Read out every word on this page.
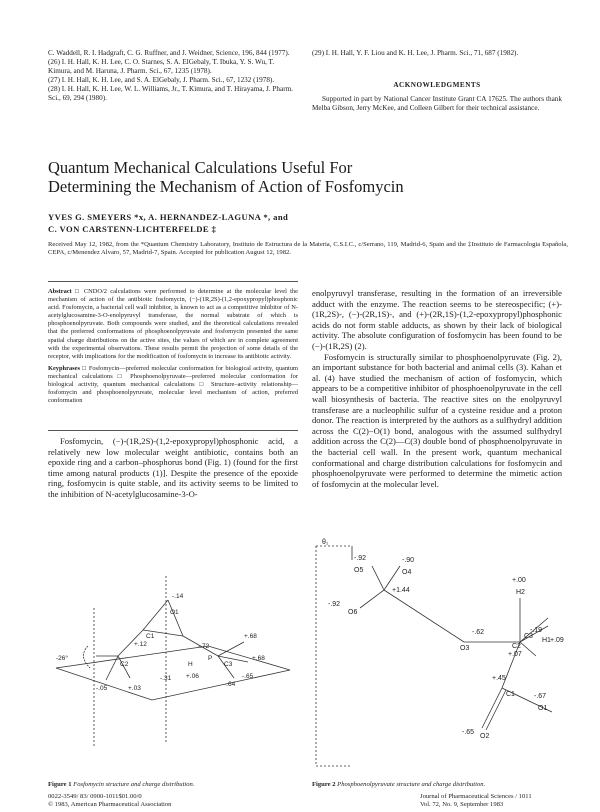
C. Waddell, R. I. Hadgraft, C. G. Ruffner, and J. Weidner, Science, 196, 844 (1977).

(26) I. H. Hall, K. H. Lee, C. O. Starnes, S. A. ElGebaly, T. Ibuka, Y. S. Wu, T. Kimura, and M. Haruna, J. Pharm. Sci., 67, 1235 (1978).

(27) I. H. Hall, K. H. Lee, and S. A. ElGebaly, J. Pharm. Sci., 67, 1232 (1978).

(28) I. H. Hall, K. H. Lee, W. L. Williams, Jr., T. Kimura, and T. Hirayama, J. Pharm. Sci., 69, 294 (1980).

(29) I. H. Hall, Y. F. Liou and K. H. Lee, J. Pharm. Sci., 71, 687 (1982).

ACKNOWLEDGMENTS
Supported in part by National Cancer Institute Grant CA 17625. The authors thank Melba Gibson, Jerry McKee, and Colleen Gilbert for their technical assistance.
Quantum Mechanical Calculations Useful For
Determining the Mechanism of Action of Fosfomycin
YVES G. SMEYERS *x, A. HERNANDEZ-LAGUNA *, and
C. VON CARSTENN-LICHTERFELDE ‡
Received May 12, 1982, from the *Quantum Chemistry Laboratory, Instituto de Estructura de la Materia, C.S.I.C., c/Serrano, 119, Madrid-6, Spain and the ‡Instituto de Farmacologia Española, CEPA, c/Menendez Alvaro, 57, Madrid-7, Spain. Accepted for publication August 12, 1982.

Abstract □ CNDO/2 calculations were performed to determine at the molecular level the mechanism of action of the antibiotic fosfomycin, (−)-(1R,2S)-(1,2-epoxypropyl)phosphonic acid. Fosfomycin, a bacterial cell wall inhibitor, is known to act as a competitive inhibitor of N-acetylglucosamine-3-O-enolpyruvyl transferase, the normal substrate of which is phosphoenolpyruvate. Both compounds were studied, and the theoretical calculations revealed that the preferred conformations of phosphoenolpyruvate and fosfomycin presented the same spatial charge distributions on the active sites, the values of which are in complete agreement with the experimental observations. These results permit the projection of some details of the receptor, with implications for the modification of fosfomycin to increase its antibiotic activity.

Keyphrases □ Fosfomycin—preferred molecular conformation for biological activity, quantum mechanical calculations □ Phosphoenolpyruvate—preferred molecular conformation for biological activity, quantum mechanical calculations □ Structure–activity relationship—fosfomycin and phosphoenolpyruvate, molecular level mechanism of action, preferred conformation

Fosfomycin, (−)-(1R,2S)-(1,2-epoxypropyl)phosphonic acid, a relatively new low molecular weight antibiotic, contains both an epoxide ring and a carbon–phosphorus bond (Fig. 1) (found for the first time among natural products (1)]. Despite the presence of the epoxide ring, fosfomycin is quite stable, and its activity seems to be limited to the inhibition of N-acetylglucosamine-3-O-

enolpyruvyl transferase, resulting in the formation of an irreversible adduct with the enzyme. The reaction seems to be stereospecific; (+)-(1R,2S)-, (−)-(2R,1S)-, and (+)-(2R,1S)-(1,2-epoxypropyl)phosphonic acids do not form stable adducts, as shown by their lack of biological activity. The absolute configuration of fosfomycin has been found to be (−)-(1R,2S) (2).

Fosfomycin is structurally similar to phosphoenolpyruvate (Fig. 2), an important substance for both bacterial and animal cells (3). Kahan et al. (4) have studied the mechanism of action of fosfomycin, which appears to be a competitive inhibitor of phosphoenolpyruvate in the cell wall biosynthesis of bacteria. The reactive sites on the enolpyruvyl transferase are a nucleophilic sulfur of a cysteine residue and a proton donor. The reaction is interpreted by the authors as a sulfhydryl addition across the C(2)−O(1) bond, analogous with the assumed sulfhydryl addition across the C(2)—C(3) double bond of phosphoenolpyruvate in the bacterial cell wall. In the present work, quantum mechanical conformational and charge distribution calculations for fosfomycin and phosphoenolpyruvate were performed to determine the mimetic action of fosfomycin at the molecular level.

-26°
-.14
+.68
+.68
+.06
-.31
-.05	+.03
-.72
-.64
-.65
+.12
C1
C2	C3
O1
P
H
Figure 1 Fosfomycin structure and charge distribution.
θ₁
-.92	-.90
O5	O4
+1.44
-.92
O6
+.00
H2
-.19
C3
+.09
H1
-.62
O3
+.07
C2
+.45
C1	-.67
O1
-.65
O2
Figure 2 Phosphoenolpyruvate structure and charge distribution.
0022-3549/ 83/ 0900-1011$01.00/0
© 1983, American Pharmaceutical Association
Journal of Pharmaceutical Sciences / 1011
Vol. 72, No. 9, September 1983
